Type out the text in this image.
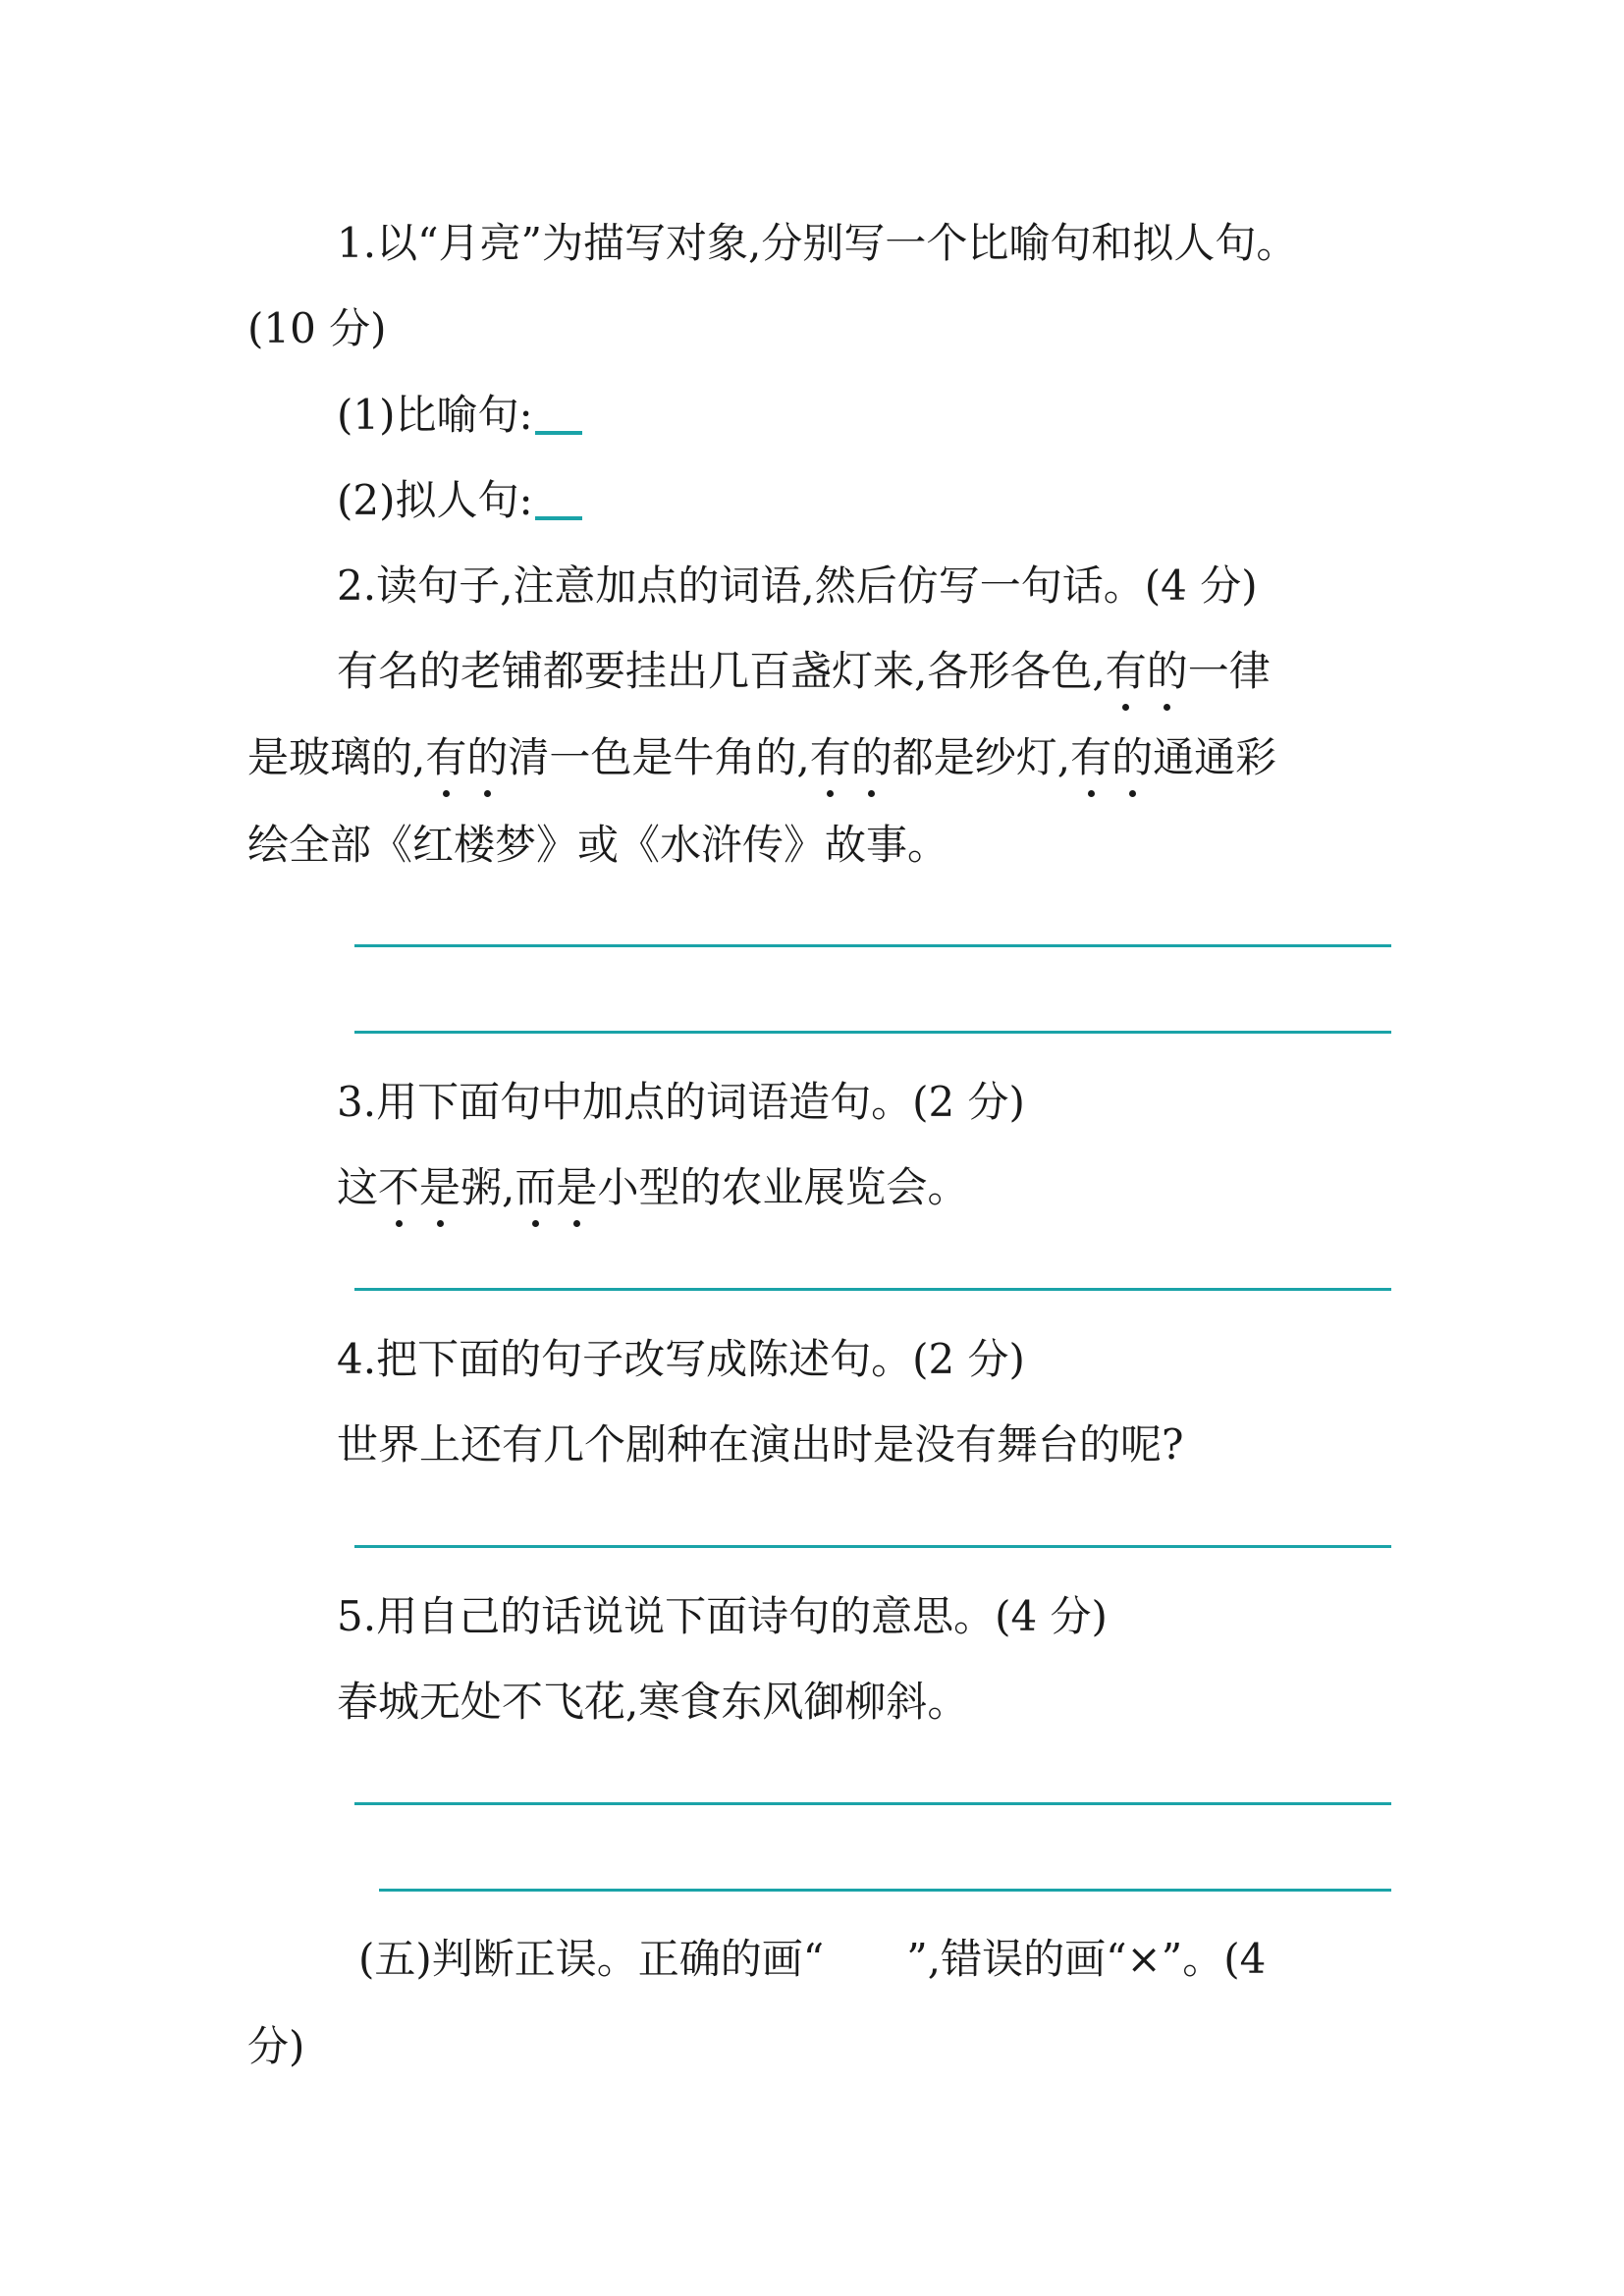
1.以“月亮”为描写对象,分别写一个比喻句和拟人句。
(10 分)
(1)比喻句:
(2)拟人句:
2.读句子,注意加点的词语,然后仿写一句话。(4 分)
有名的老铺都要挂出几百盏灯来,各形各色,有的一律
是玻璃的,有的清一色是牛角的,有的都是纱灯,有的通通彩
绘全部《红楼梦》或《水浒传》故事。
3.用下面句中加点的词语造句。(2 分)
这不是粥,而是小型的农业展览会。
4.把下面的句子改写成陈述句。(2 分)
世界上还有几个剧种在演出时是没有舞台的呢?
5.用自己的话说说下面诗句的意思。(4 分)
春城无处不飞花,寒食东风御柳斜。
(五)判断正误。正确的画“　　”,错误的画“×”。(4
分)
